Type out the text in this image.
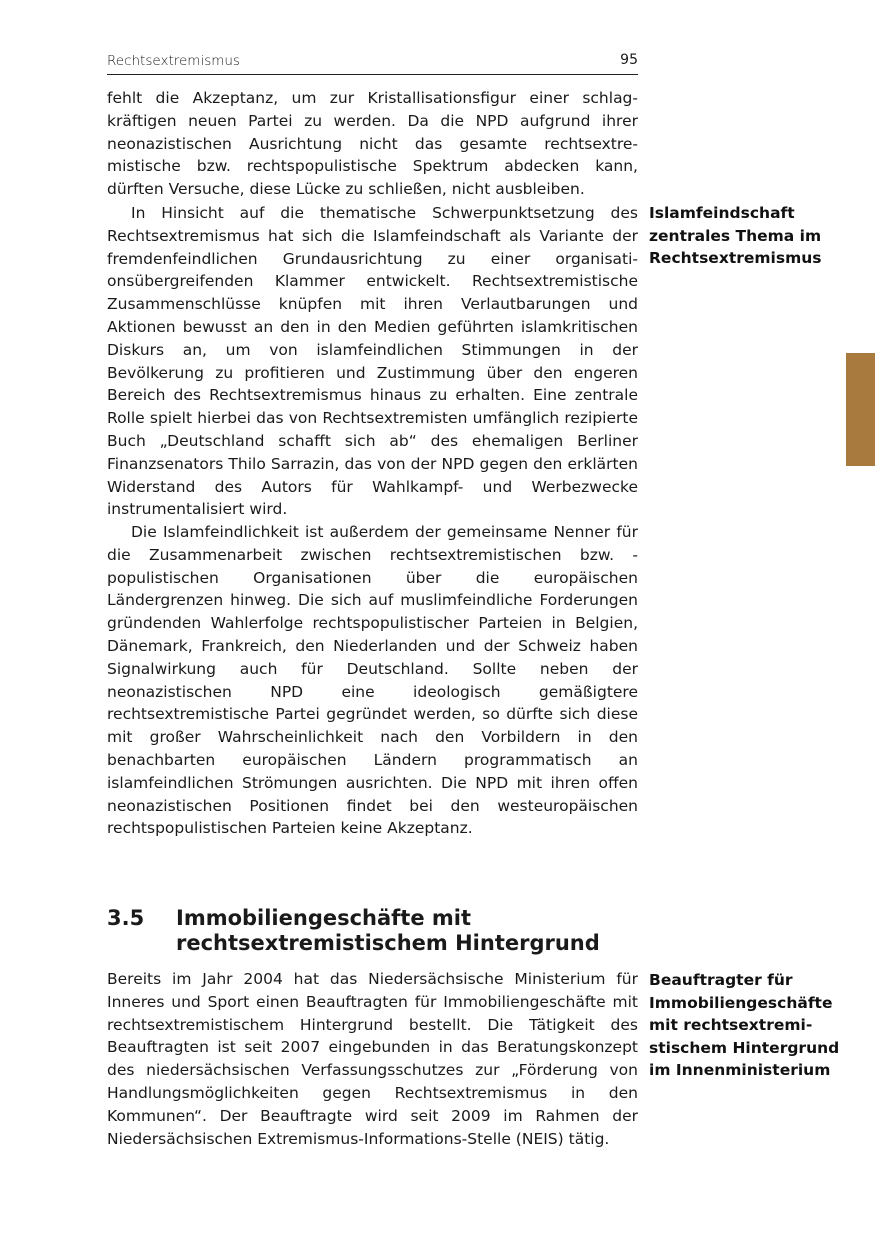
Rechtsextremismus	95

fehlt die Akzeptanz, um zur Kristallisationsfigur einer schlagkräftigen neuen Partei zu werden. Da die NPD aufgrund ihrer neonazistischen Ausrichtung nicht das gesamte rechtsextremistische bzw. rechtspopulistische Spektrum abdecken kann, dürften Versuche, diese Lücke zu schließen, nicht ausbleiben.

In Hinsicht auf die thematische Schwerpunktsetzung des Rechtsextremismus hat sich die Islamfeindschaft als Variante der fremdenfeindlichen Grundausrichtung zu einer organisationsübergreifenden Klammer entwickelt. Rechtsextremistische Zusammenschlüsse knüpfen mit ihren Verlautbarungen und Aktionen bewusst an den in den Medien geführten islamkritischen Diskurs an, um von islamfeindlichen Stimmungen in der Bevölkerung zu profitieren und Zustimmung über den engeren Bereich des Rechtsextremismus hinaus zu erhalten. Eine zentrale Rolle spielt hierbei das von Rechtsextremisten umfänglich rezipierte Buch „Deutschland schafft sich ab“ des ehemaligen Berliner Finanzsenators Thilo Sarrazin, das von der NPD gegen den erklärten Widerstand des Autors für Wahlkampf- und Werbezwecke instrumentalisiert wird.

Die Islamfeindlichkeit ist außerdem der gemeinsame Nenner für die Zusammenarbeit zwischen rechtsextremistischen bzw. -populistischen Organisationen über die europäischen Ländergrenzen hinweg. Die sich auf muslimfeindliche Forderungen gründenden Wahlerfolge rechtspopulistischer Parteien in Belgien, Dänemark, Frankreich, den Niederlanden und der Schweiz haben Signalwirkung auch für Deutschland. Sollte neben der neonazistischen NPD eine ideologisch gemäßigtere rechtsextremistische Partei gegründet werden, so dürfte sich diese mit großer Wahrscheinlichkeit nach den Vorbildern in den benachbarten europäischen Ländern programmatisch an islamfeindlichen Strömungen ausrichten. Die NPD mit ihren offen neonazistischen Positionen findet bei den westeuropäischen rechtspopulistischen Parteien keine Akzeptanz.

3.5 Immobiliengeschäfte mit rechtsextremistischem Hintergrund

Bereits im Jahr 2004 hat das Niedersächsische Ministerium für Inneres und Sport einen Beauftragten für Immobiliengeschäfte mit rechtsextremistischem Hintergrund bestellt. Die Tätigkeit des Beauftragten ist seit 2007 eingebunden in das Beratungskonzept des niedersächsischen Verfassungsschutzes zur „Förderung von Handlungsmöglichkeiten gegen Rechtsextremismus in den Kommunen“. Der Beauftragte wird seit 2009 im Rahmen der Niedersächsischen Extremismus-Informations-Stelle (NEIS) tätig.

Islamfeindschaft zentrales Thema im Rechtsextremismus
Beauftragter für Immobiliengeschäfte mit rechtsextremistischem Hintergrund im Innenministerium
